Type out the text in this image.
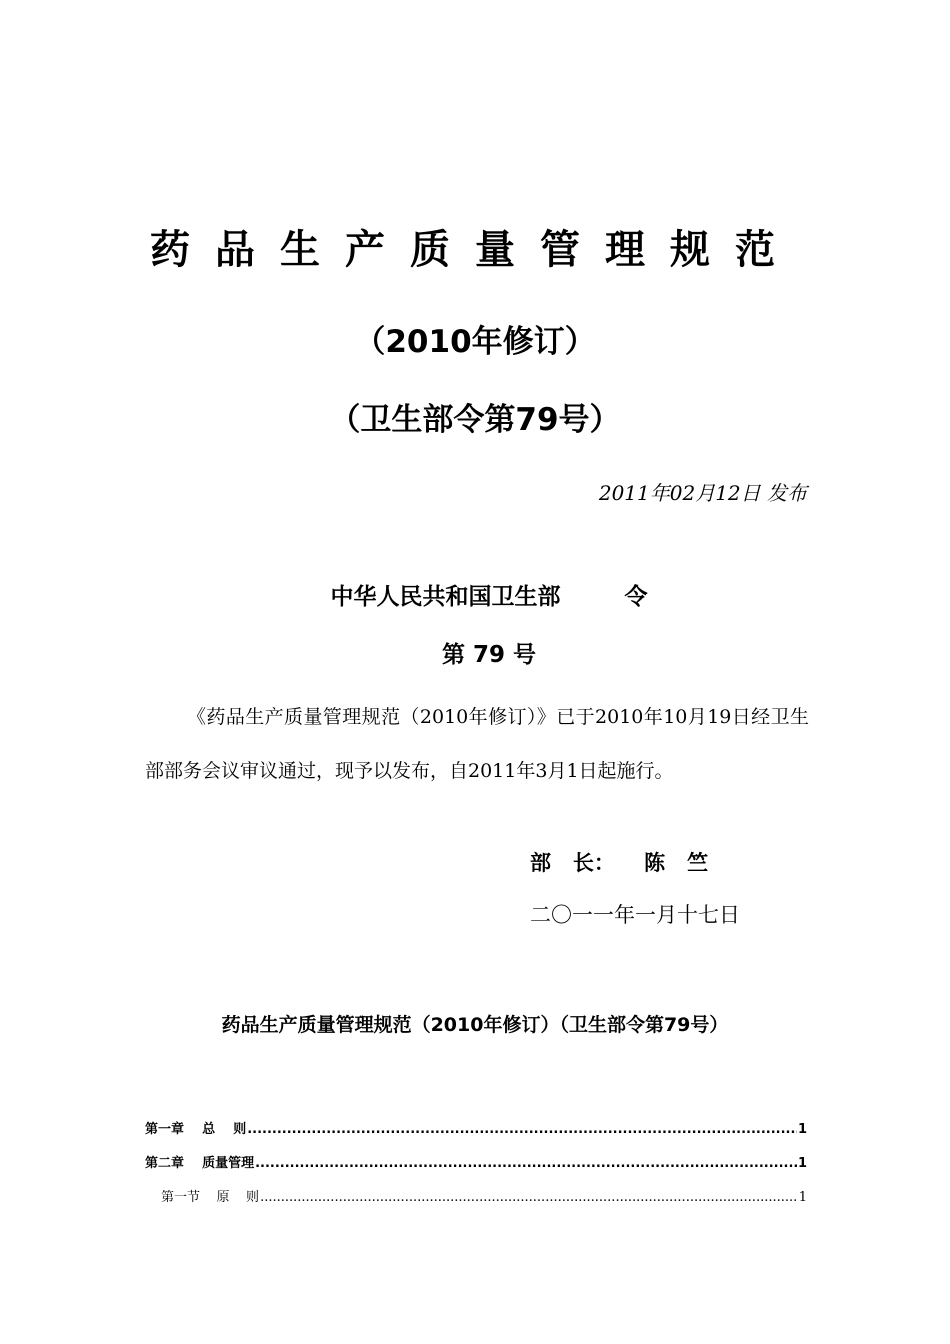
药品生产质量管理规范
（2010年修订）
（卫生部令第79号）
2011年02月12日 发布
中华人民共和国卫生部        令
第 79 号
《药品生产质量管理规范（2010年修订）》已于2010年10月19日经卫生部部务会议审议通过，现予以发布，自2011年3月1日起施行。
部   长：    陈   竺
二〇一一年一月十七日
药品生产质量管理规范（2010年修订）（卫生部令第79号）
第一章    总    则 .....	1
第二章    质量管理 .....	1
第一节    原    则 .....	1
